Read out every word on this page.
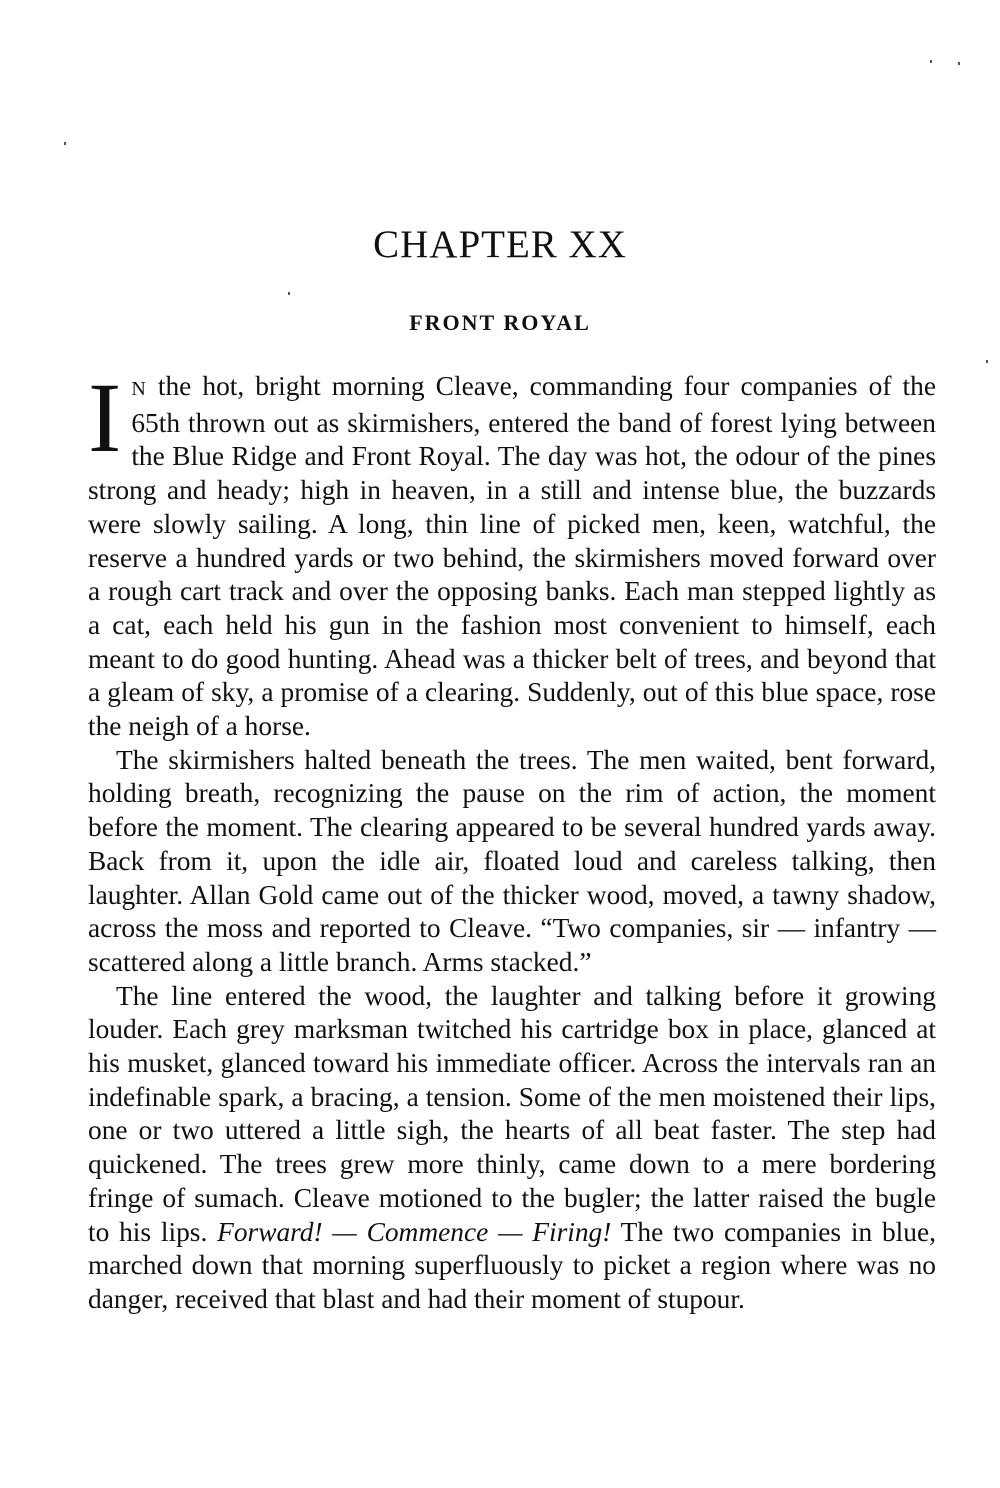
CHAPTER XX
FRONT ROYAL

I N the hot, bright morning Cleave, commanding four companies of the 65th thrown out as skirmishers, entered the band of forest lying between the Blue Ridge and Front Royal. The day was hot, the odour of the pines strong and heady; high in heaven, in a still and intense blue, the buzzards were slowly sailing. A long, thin line of picked men, keen, watchful, the reserve a hundred yards or two behind, the skirmishers moved forward over a rough cart track and over the opposing banks. Each man stepped lightly as a cat, each held his gun in the fashion most convenient to himself, each meant to do good hunting. Ahead was a thicker belt of trees, and beyond that a gleam of sky, a promise of a clearing. Suddenly, out of this blue space, rose the neigh of a horse.

The skirmishers halted beneath the trees. The men waited, bent forward, holding breath, recognizing the pause on the rim of action, the moment before the moment. The clearing appeared to be several hundred yards away. Back from it, upon the idle air, floated loud and careless talking, then laughter. Allan Gold came out of the thicker wood, moved, a tawny shadow, across the moss and reported to Cleave. “Two companies, sir — infantry — scattered along a little branch. Arms stacked.”

The line entered the wood, the laughter and talking before it growing louder. Each grey marksman twitched his cartridge box in place, glanced at his musket, glanced toward his immediate officer. Across the intervals ran an indefinable spark, a bracing, a tension. Some of the men moistened their lips, one or two uttered a little sigh, the hearts of all beat faster. The step had quickened. The trees grew more thinly, came down to a mere bordering fringe of sumach. Cleave motioned to the bugler; the latter raised the bugle to his lips. Forward! — Commence — Firing! The two companies in blue, marched down that morning superfluously to picket a region where was no danger, received that blast and had their moment of stupour.
